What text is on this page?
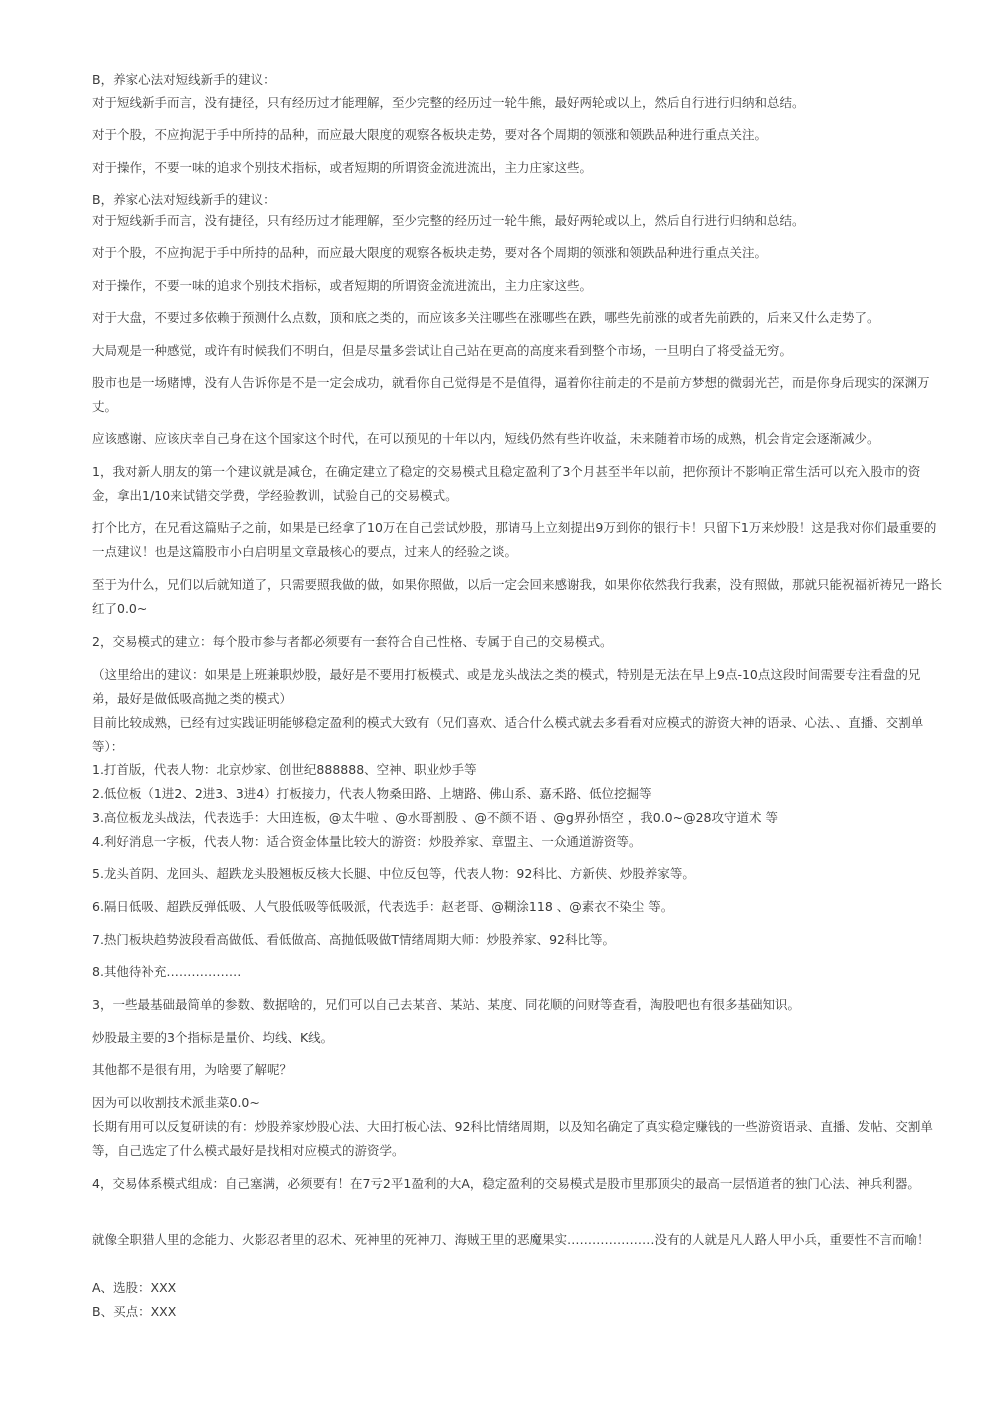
B，养家心法对短线新手的建议：

对于短线新手而言，没有捷径，只有经历过才能理解，至少完整的经历过一轮牛熊，最好两轮或以上，然后自行进行归纳和总结。

对于个股，不应拘泥于手中所持的品种，而应最大限度的观察各板块走势，要对各个周期的领涨和领跌品种进行重点关注。

对于操作，不要一味的追求个别技术指标，或者短期的所谓资金流进流出，主力庄家这些。

B，养家心法对短线新手的建议：

对于短线新手而言，没有捷径，只有经历过才能理解，至少完整的经历过一轮牛熊，最好两轮或以上，然后自行进行归纳和总结。

对于个股，不应拘泥于手中所持的品种，而应最大限度的观察各板块走势，要对各个周期的领涨和领跌品种进行重点关注。

对于操作，不要一味的追求个别技术指标，或者短期的所谓资金流进流出，主力庄家这些。

对于大盘，不要过多依赖于预测什么点数，顶和底之类的，而应该多关注哪些在涨哪些在跌，哪些先前涨的或者先前跌的，后来又什么走势了。

大局观是一种感觉，或许有时候我们不明白，但是尽量多尝试让自己站在更高的高度来看到整个市场，一旦明白了将受益无穷。

股市也是一场赌博，没有人告诉你是不是一定会成功，就看你自己觉得是不是值得，逼着你往前走的不是前方梦想的微弱光芒，而是你身后现实的深渊万丈。

应该感谢、应该庆幸自己身在这个国家这个时代，在可以预见的十年以内，短线仍然有些许收益，未来随着市场的成熟，机会肯定会逐渐减少。

1，我对新人朋友的第一个建议就是减仓，在确定建立了稳定的交易模式且稳定盈利了3个月甚至半年以前，把你预计不影响正常生活可以充入股市的资金，拿出1/10来试错交学费，学经验教训，试验自己的交易模式。

打个比方，在兄看这篇贴子之前，如果是已经拿了10万在自己尝试炒股，那请马上立刻提出9万到你的银行卡！只留下1万来炒股！这是我对你们最重要的一点建议！也是这篇股市小白启明星文章最核心的要点，过来人的经验之谈。

至于为什么，兄们以后就知道了，只需要照我做的做，如果你照做，以后一定会回来感谢我，如果你依然我行我素，没有照做，那就只能祝福祈祷兄一路长红了0.0~

2，交易模式的建立：每个股市参与者都必须要有一套符合自己性格、专属于自己的交易模式。

（这里给出的建议：如果是上班兼职炒股，最好是不要用打板模式、或是龙头战法之类的模式，特别是无法在早上9点-10点这段时间需要专注看盘的兄弟，最好是做低吸高抛之类的模式）

目前比较成熟，已经有过实践证明能够稳定盈利的模式大致有（兄们喜欢、适合什么模式就去多看看对应模式的游资大神的语录、心法、、直播、交割单等）：

1.打首版，代表人物：北京炒家、创世纪888888、空神、职业炒手等

2.低位板（1进2、2进3、3进4）打板接力，代表人物桑田路、上塘路、佛山系、嘉禾路、低位挖掘等

3.高位板龙头战法，代表选手：大田连板，@太牛啦 、@水哥割股 、@不颜不语 、@g界孙悟空 ，我0.0~@28攻守道术 等

4.利好消息一字板，代表人物：适合资金体量比较大的游资：炒股养家、章盟主、一众通道游资等。

5.龙头首阴、龙回头、超跌龙头股翘板反核大长腿、中位反包等，代表人物：92科比、方新侠、炒股养家等。

6.隔日低吸、超跌反弹低吸、人气股低吸等低吸派，代表选手：赵老哥、@糊涂118 、@素衣不染尘 等。

7.热门板块趋势波段看高做低、看低做高、高抛低吸做T情绪周期大师：炒股养家、92科比等。

8.其他待补充………………

3，一些最基础最简单的参数、数据啥的，兄们可以自己去某音、某站、某度、同花顺的问财等查看，淘股吧也有很多基础知识。

炒股最主要的3个指标是量价、均线、K线。

其他都不是很有用，为啥要了解呢？

因为可以收割技术派韭菜0.0~

长期有用可以反复研读的有：炒股养家炒股心法、大田打板心法、92科比情绪周期，以及知名确定了真实稳定赚钱的一些游资语录、直播、发帖、交割单等，自己选定了什么模式最好是找相对应模式的游资学。

4，交易体系模式组成：自己塞满，必须要有！在7亏2平1盈利的大A，稳定盈利的交易模式是股市里那顶尖的最高一层悟道者的独门心法、神兵利器。

就像全职猎人里的念能力、火影忍者里的忍术、死神里的死神刀、海贼王里的恶魔果实…………………没有的人就是凡人路人甲小兵，重要性不言而喻！

A、选股：XXX

B、买点：XXX
